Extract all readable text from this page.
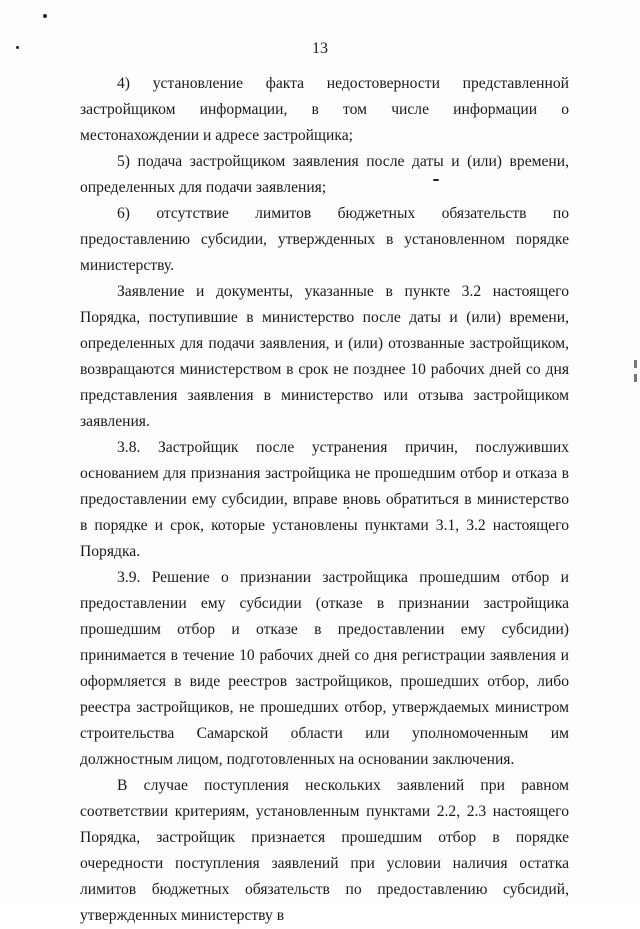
13

4) установление факта недостоверности представленной застройщиком информации, в том числе информации о местонахождении и адресе застройщика;

5) подача застройщиком заявления после даты и (или) времени, определенных для подачи заявления;

6) отсутствие лимитов бюджетных обязательств по предоставлению субсидии, утвержденных в установленном порядке министерству.

Заявление и документы, указанные в пункте 3.2 настоящего Порядка, поступившие в министерство после даты и (или) времени, определенных для подачи заявления, и (или) отозванные застройщиком, возвращаются министерством в срок не позднее 10 рабочих дней со дня представления заявления в министерство или отзыва застройщиком заявления.

3.8. Застройщик после устранения причин, послуживших основанием для признания застройщика не прошедшим отбор и отказа в предоставлении ему субсидии, вправе вновь обратиться в министерство в порядке и срок, которые установлены пунктами 3.1, 3.2 настоящего Порядка.

3.9. Решение о признании застройщика прошедшим отбор и предоставлении ему субсидии (отказе в признании застройщика прошедшим отбор и отказе в предоставлении ему субсидии) принимается в течение 10 рабочих дней со дня регистрации заявления и оформляется в виде реестров застройщиков, прошедших отбор, либо реестра застройщиков, не прошедших отбор, утверждаемых министром строительства Самарской области или уполномоченным им должностным лицом, подготовленных на основании заключения.

В случае поступления нескольких заявлений при равном соответствии критериям, установленным пунктами 2.2, 2.3 настоящего Порядка, застройщик признается прошедшим отбор в порядке очередности поступления заявлений при условии наличия остатка лимитов бюджетных обязательств по предоставлению субсидий, утвержденных министерству в
